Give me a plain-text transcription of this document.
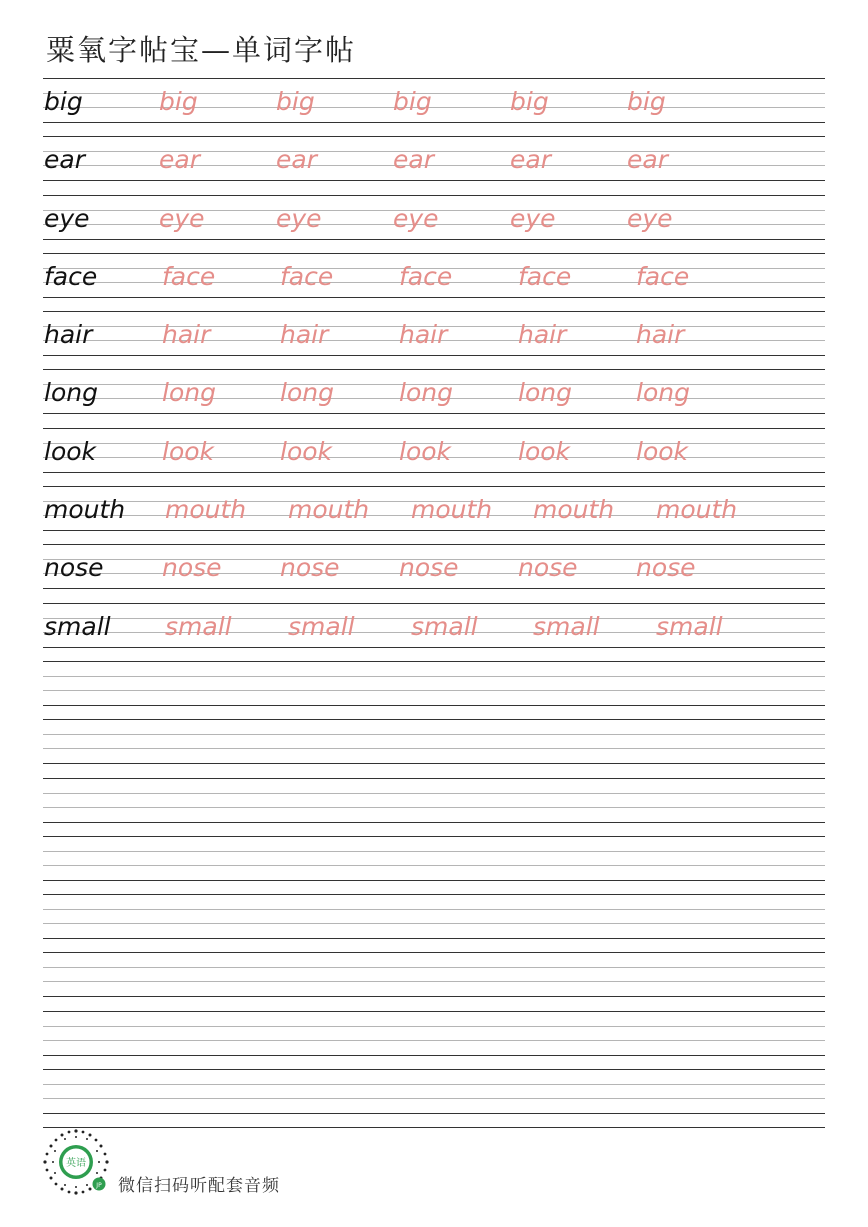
粟氧字帖宝—单词字帖
big	big	big	big	big	big
ear	ear	ear	ear	ear	ear
eye	eye	eye	eye	eye	eye
face	face	face	face	face	face
hair	hair	hair	hair	hair	hair
long	long	long	long	long	long
look	look	look	look	look	look
mouth mouth mouth mouth mouth mouth
nose nose nose nose nose nose
small small small small small small
英语
JP 微信扫码听配套音频
